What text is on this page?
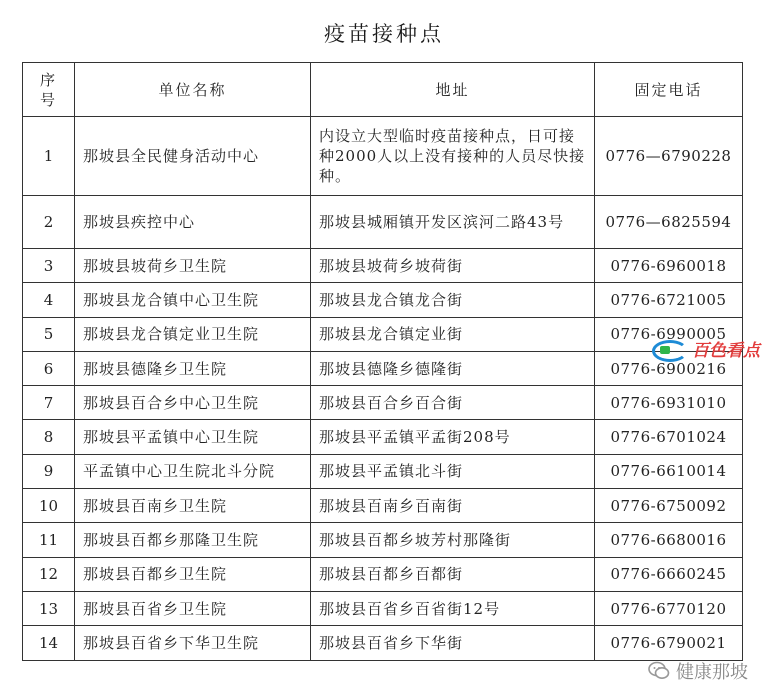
疫苗接种点
序
号	单位名称	地址	固定电话
1	那坡县全民健身活动中心	内设立大型临时疫苗接种点，日可接种2000人以上没有接种的人员尽快接种。	0776—6790228
2	那坡县疾控中心	那坡县城厢镇开发区滨河二路43号	0776—6825594
3	那坡县坡荷乡卫生院	那坡县坡荷乡坡荷街	0776-6960018
4	那坡县龙合镇中心卫生院	那坡县龙合镇龙合街	0776-6721005
5	那坡县龙合镇定业卫生院	那坡县龙合镇定业街	0776-6990005
6	那坡县德隆乡卫生院	那坡县德隆乡德隆街	0776-6900216
7	那坡县百合乡中心卫生院	那坡县百合乡百合街	0776-6931010
8	那坡县平孟镇中心卫生院	那坡县平孟镇平孟街208号	0776-6701024
9	平孟镇中心卫生院北斗分院	那坡县平孟镇北斗街	0776-6610014
10	那坡县百南乡卫生院	那坡县百南乡百南街	0776-6750092
11	那坡县百都乡那隆卫生院	那坡县百都乡坡芳村那隆街	0776-6680016
12	那坡县百都乡卫生院	那坡县百都乡百都街	0776-6660245
13	那坡县百省乡卫生院	那坡县百省乡百省街12号	0776-6770120
14	那坡县百省乡下华卫生院	那坡县百省乡下华街	0776-6790021
百色看点
健康那坡
